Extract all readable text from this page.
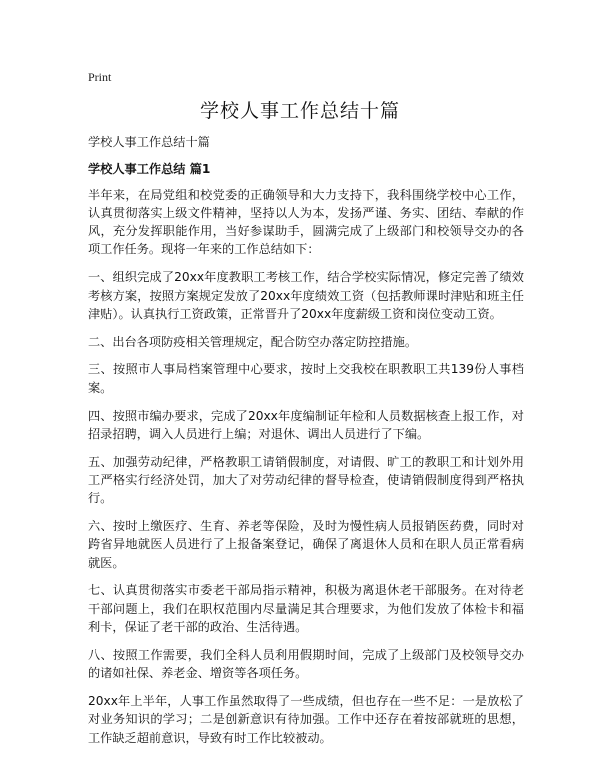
Print
学校人事工作总结十篇

学校人事工作总结十篇

学校人事工作总结 篇1

半年来，在局党组和校党委的正确领导和大力支持下，我科围绕学校中心工作，认真贯彻落实上级文件精神，坚持以人为本，发扬严谨、务实、团结、奉献的作风，充分发挥职能作用，当好参谋助手，圆满完成了上级部门和校领导交办的各项工作任务。现将一年来的工作总结如下：

一、组织完成了20xx年度教职工考核工作，结合学校实际情况，修定完善了绩效考核方案，按照方案规定发放了20xx年度绩效工资（包括教师课时津贴和班主任津贴）。认真执行工资政策，正常晋升了20xx年度薪级工资和岗位变动工资。

二、出台各项防疫相关管理规定，配合防空办落定防控措施。

三、按照市人事局档案管理中心要求，按时上交我校在职教职工共139份人事档案。

四、按照市编办要求，完成了20xx年度编制证年检和人员数据核查上报工作，对招录招聘，调入人员进行上编；对退休、调出人员进行了下编。

五、加强劳动纪律，严格教职工请销假制度，对请假、旷工的教职工和计划外用工严格实行经济处罚，加大了对劳动纪律的督导检查，使请销假制度得到严格执行。

六、按时上缴医疗、生育、养老等保险，及时为慢性病人员报销医药费，同时对跨省异地就医人员进行了上报备案登记，确保了离退休人员和在职人员正常看病就医。

七、认真贯彻落实市委老干部局指示精神，积极为离退休老干部服务。在对待老干部问题上，我们在职权范围内尽量满足其合理要求，为他们发放了体检卡和福利卡，保证了老干部的政治、生活待遇。

八、按照工作需要，我们全科人员利用假期时间，完成了上级部门及校领导交办的诸如社保、养老金、增资等各项任务。

20xx年上半年，人事工作虽然取得了一些成绩，但也存在一些不足：一是放松了对业务知识的学习；二是创新意识有待加强。工作中还存在着按部就班的思想，工作缺乏超前意识，导致有时工作比较被动。
